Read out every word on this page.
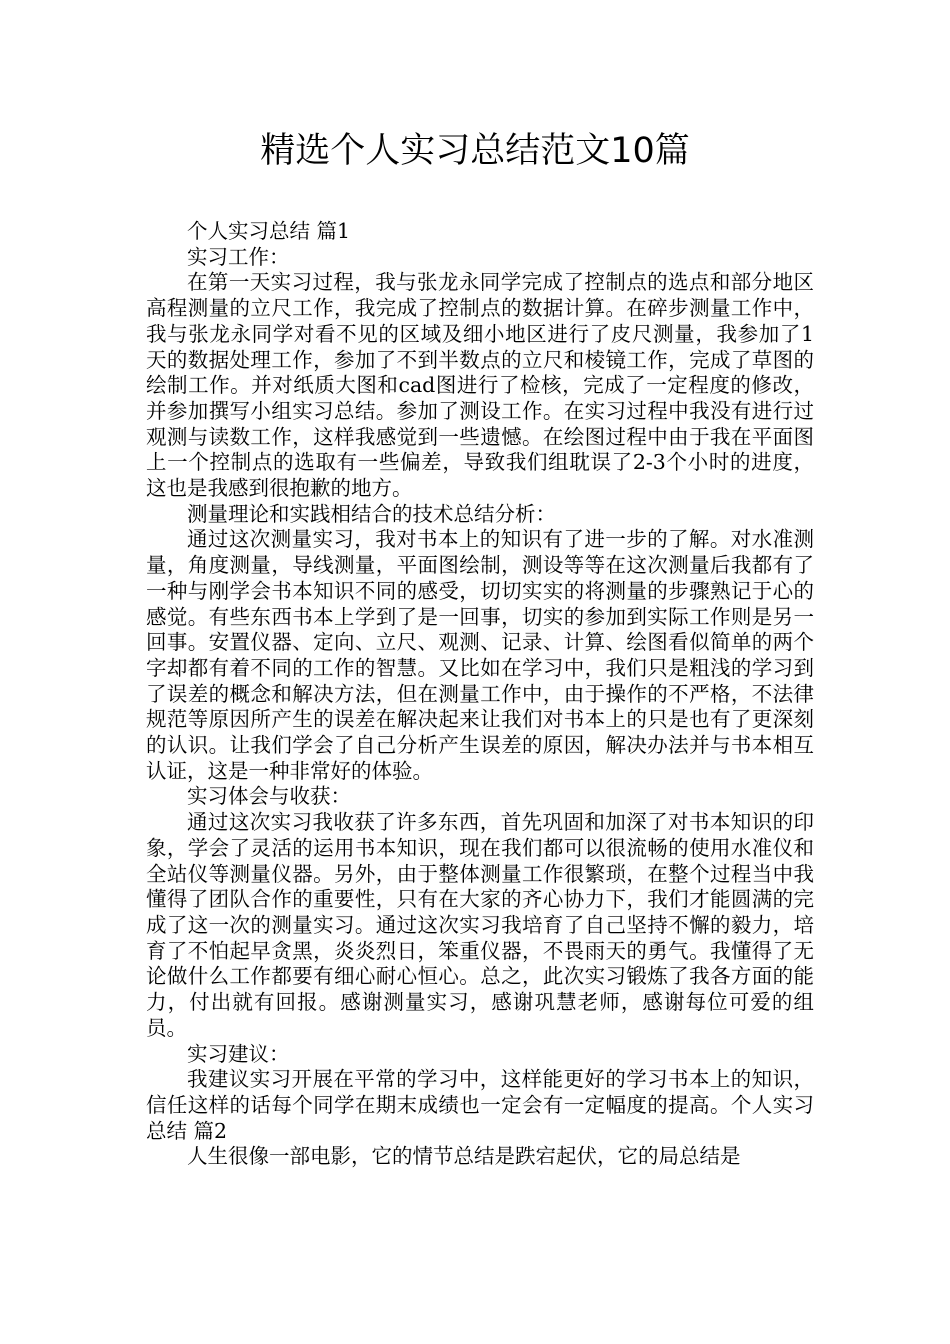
精选个人实习总结范文10篇

个人实习总结 篇1

实习工作：

在第一天实习过程，我与张龙永同学完成了控制点的选点和部分地区高程测量的立尺工作，我完成了控制点的数据计算。在碎步测量工作中，我与张龙永同学对看不见的区域及细小地区进行了皮尺测量，我参加了1天的数据处理工作，参加了不到半数点的立尺和棱镜工作，完成了草图的绘制工作。并对纸质大图和cad图进行了检核，完成了一定程度的修改，并参加撰写小组实习总结。参加了测设工作。在实习过程中我没有进行过观测与读数工作，这样我感觉到一些遗憾。在绘图过程中由于我在平面图上一个控制点的选取有一些偏差，导致我们组耽误了2-3个小时的进度，这也是我感到很抱歉的地方。

测量理论和实践相结合的技术总结分析：

通过这次测量实习，我对书本上的知识有了进一步的了解。对水准测量，角度测量，导线测量，平面图绘制，测设等等在这次测量后我都有了一种与刚学会书本知识不同的感受，切切实实的将测量的步骤熟记于心的感觉。有些东西书本上学到了是一回事，切实的参加到实际工作则是另一回事。安置仪器、定向、立尺、观测、记录、计算、绘图看似简单的两个字却都有着不同的工作的智慧。又比如在学习中，我们只是粗浅的学习到了误差的概念和解决方法，但在测量工作中，由于操作的不严格，不法律规范等原因所产生的误差在解决起来让我们对书本上的只是也有了更深刻的认识。让我们学会了自己分析产生误差的原因，解决办法并与书本相互认证，这是一种非常好的体验。

实习体会与收获：

通过这次实习我收获了许多东西，首先巩固和加深了对书本知识的印象，学会了灵活的运用书本知识，现在我们都可以很流畅的使用水准仪和全站仪等测量仪器。另外，由于整体测量工作很繁琐，在整个过程当中我懂得了团队合作的重要性，只有在大家的齐心协力下，我们才能圆满的完成了这一次的测量实习。通过这次实习我培育了自己坚持不懈的毅力，培育了不怕起早贪黑，炎炎烈日，笨重仪器，不畏雨天的勇气。我懂得了无论做什么工作都要有细心耐心恒心。总之，此次实习锻炼了我各方面的能力，付出就有回报。感谢测量实习，感谢巩慧老师，感谢每位可爱的组员。

实习建议：

我建议实习开展在平常的学习中，这样能更好的学习书本上的知识，信任这样的话每个同学在期末成绩也一定会有一定幅度的提高。个人实习总结 篇2

人生很像一部电影，它的情节总结是跌宕起伏，它的局总结是
